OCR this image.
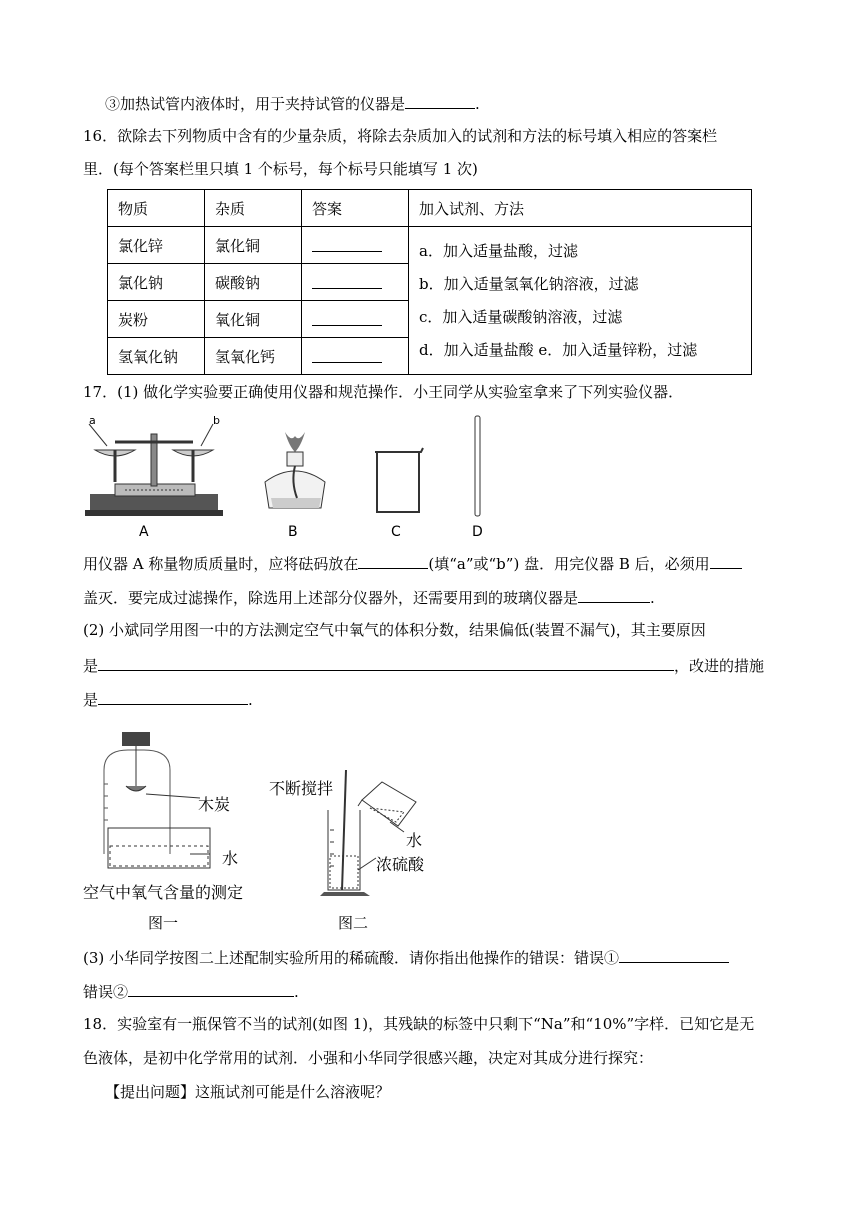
③加热试管内液体时，用于夹持试管的仪器是	.
16．欲除去下列物质中含有的少量杂质，将除去杂质加入的试剂和方法的标号填入相应的答案栏
里．(每个答案栏里只填 1 个标号，每个标号只能填写 1 次)
物质	杂质	答案	加入试剂、方法
氯化锌	氯化铜		a．加入适量盐酸，过滤
b．加入适量氢氧化钠溶液，过滤
c．加入适量碳酸钠溶液，过滤
d．加入适量盐酸 e．加入适量锌粉，过滤

氯化钠	碳酸钠		
炭粉	氧化铜		
氢氧化钠	氢氧化钙		
17．(1) 做化学实验要正确使用仪器和规范操作．小王同学从实验室拿来了下列实验仪器．
a	b
A	B	C	D
用仪器 A 称量物质质量时，应将砝码放在	(填“a”或“b”) 盘．用完仪器 B 后，必须用
盖灭．要完成过滤操作，除选用上述部分仪器外，还需要用到的玻璃仪器是	.
(2) 小斌同学用图一中的方法测定空气中氧气的体积分数，结果偏低(装置不漏气)，其主要原因
是	，改进的措施
是	.
木炭
水
空气中氧气含量的测定
图一
不断搅拌
水
浓硫酸
图二
(3) 小华同学按图二上述配制实验所用的稀硫酸．请你指出他操作的错误：错误①
错误②	.
18．实验室有一瓶保管不当的试剂(如图 1)，其残缺的标签中只剩下“Na”和“10%”字样．已知它是无
色液体，是初中化学常用的试剂．小强和小华同学很感兴趣，决定对其成分进行探究：
【提出问题】这瓶试剂可能是什么溶液呢？
